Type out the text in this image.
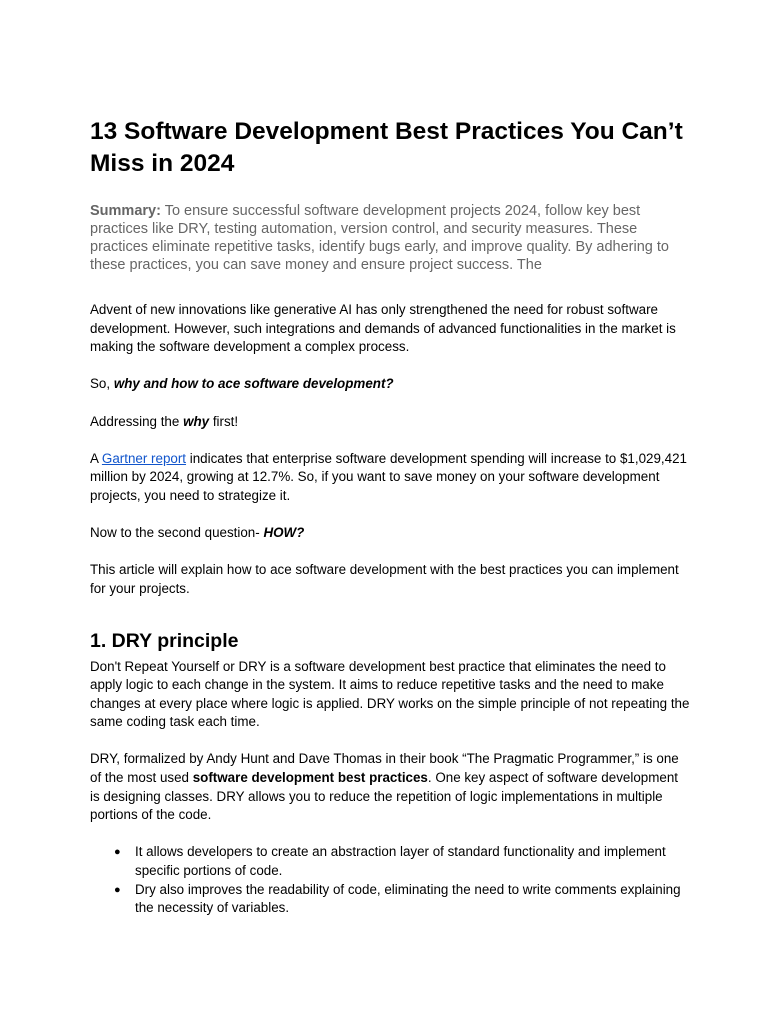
13 Software Development Best Practices You Can’t Miss in 2024

Summary: To ensure successful software development projects 2024, follow key best practices like DRY, testing automation, version control, and security measures. These practices eliminate repetitive tasks, identify bugs early, and improve quality. By adhering to these practices, you can save money and ensure project success. The

Advent of new innovations like generative AI has only strengthened the need for robust software development. However, such integrations and demands of advanced functionalities in the market is making the software development a complex process.

So, why and how to ace software development?

Addressing the why first!

A Gartner report indicates that enterprise software development spending will increase to $1,029,421 million by 2024, growing at 12.7%. So, if you want to save money on your software development projects, you need to strategize it.

Now to the second question- HOW?

This article will explain how to ace software development with the best practices you can implement for your projects.

1. DRY principle

Don't Repeat Yourself or DRY is a software development best practice that eliminates the need to apply logic to each change in the system. It aims to reduce repetitive tasks and the need to make changes at every place where logic is applied. DRY works on the simple principle of not repeating the same coding task each time.

DRY, formalized by Andy Hunt and Dave Thomas in their book “The Pragmatic Programmer,” is one of the most used software development best practices. One key aspect of software development is designing classes. DRY allows you to reduce the repetition of logic implementations in multiple portions of the code.

● It allows developers to create an abstraction layer of standard functionality and implement specific portions of code.
● Dry also improves the readability of code, eliminating the need to write comments explaining the necessity of variables.
